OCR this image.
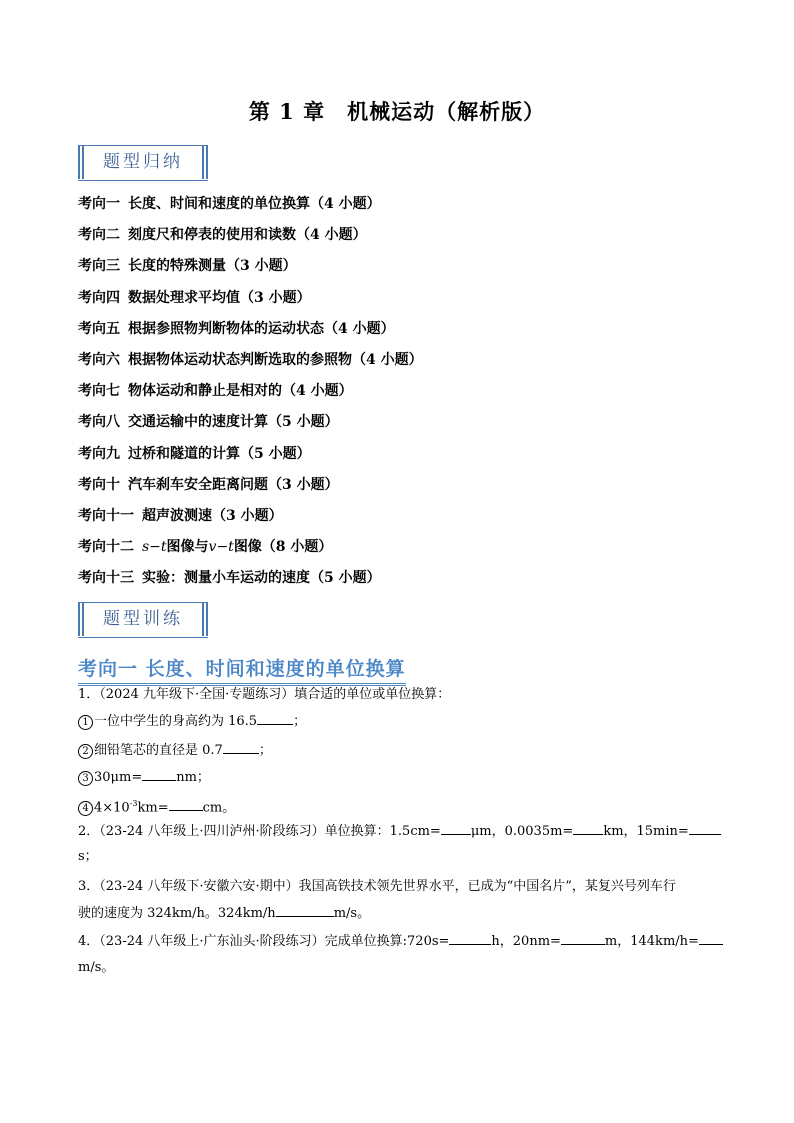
第 1 章　机械运动（解析版）
题型归纳
考向一 长度、时间和速度的单位换算（4 小题）
考向二 刻度尺和停表的使用和读数（4 小题）
考向三 长度的特殊测量（3 小题）
考向四 数据处理求平均值（3 小题）
考向五 根据参照物判断物体的运动状态（4 小题）
考向六 根据物体运动状态判断选取的参照物（4 小题）
考向七 物体运动和静止是相对的（4 小题）
考向八 交通运输中的速度计算（5 小题）
考向九 过桥和隧道的计算（5 小题）
考向十 汽车刹车安全距离问题（3 小题）
考向十一 超声波测速（3 小题）
考向十二 s−t图像与v−t图像（8 小题）
考向十三 实验：测量小车运动的速度（5 小题）
题型训练
考向一 长度、时间和速度的单位换算
1．（2024 九年级下·全国·专题练习）填合适的单位或单位换算：
1 一位中学生的身高约为 16.5	；
2 细铅笔芯的直径是 0.7	；
3 30μm=	nm；
4 $4\times 10^{-3}km=$	cm。
2．（23-24 八年级上·四川泸州·阶段练习）单位换算：1.5cm= μm，0.0035m= km，15min=
s；
3．（23-24 八年级下·安徽六安·期中）我国高铁技术领先世界水平，已成为“中国名片”，某复兴号列车行
驶的速度为 324km/h。324km/h	m/s。
4．（23-24 八年级上·广东汕头·阶段练习）完成单位换算:720s=	h，20nm=	m，144km/h=
m/s。
